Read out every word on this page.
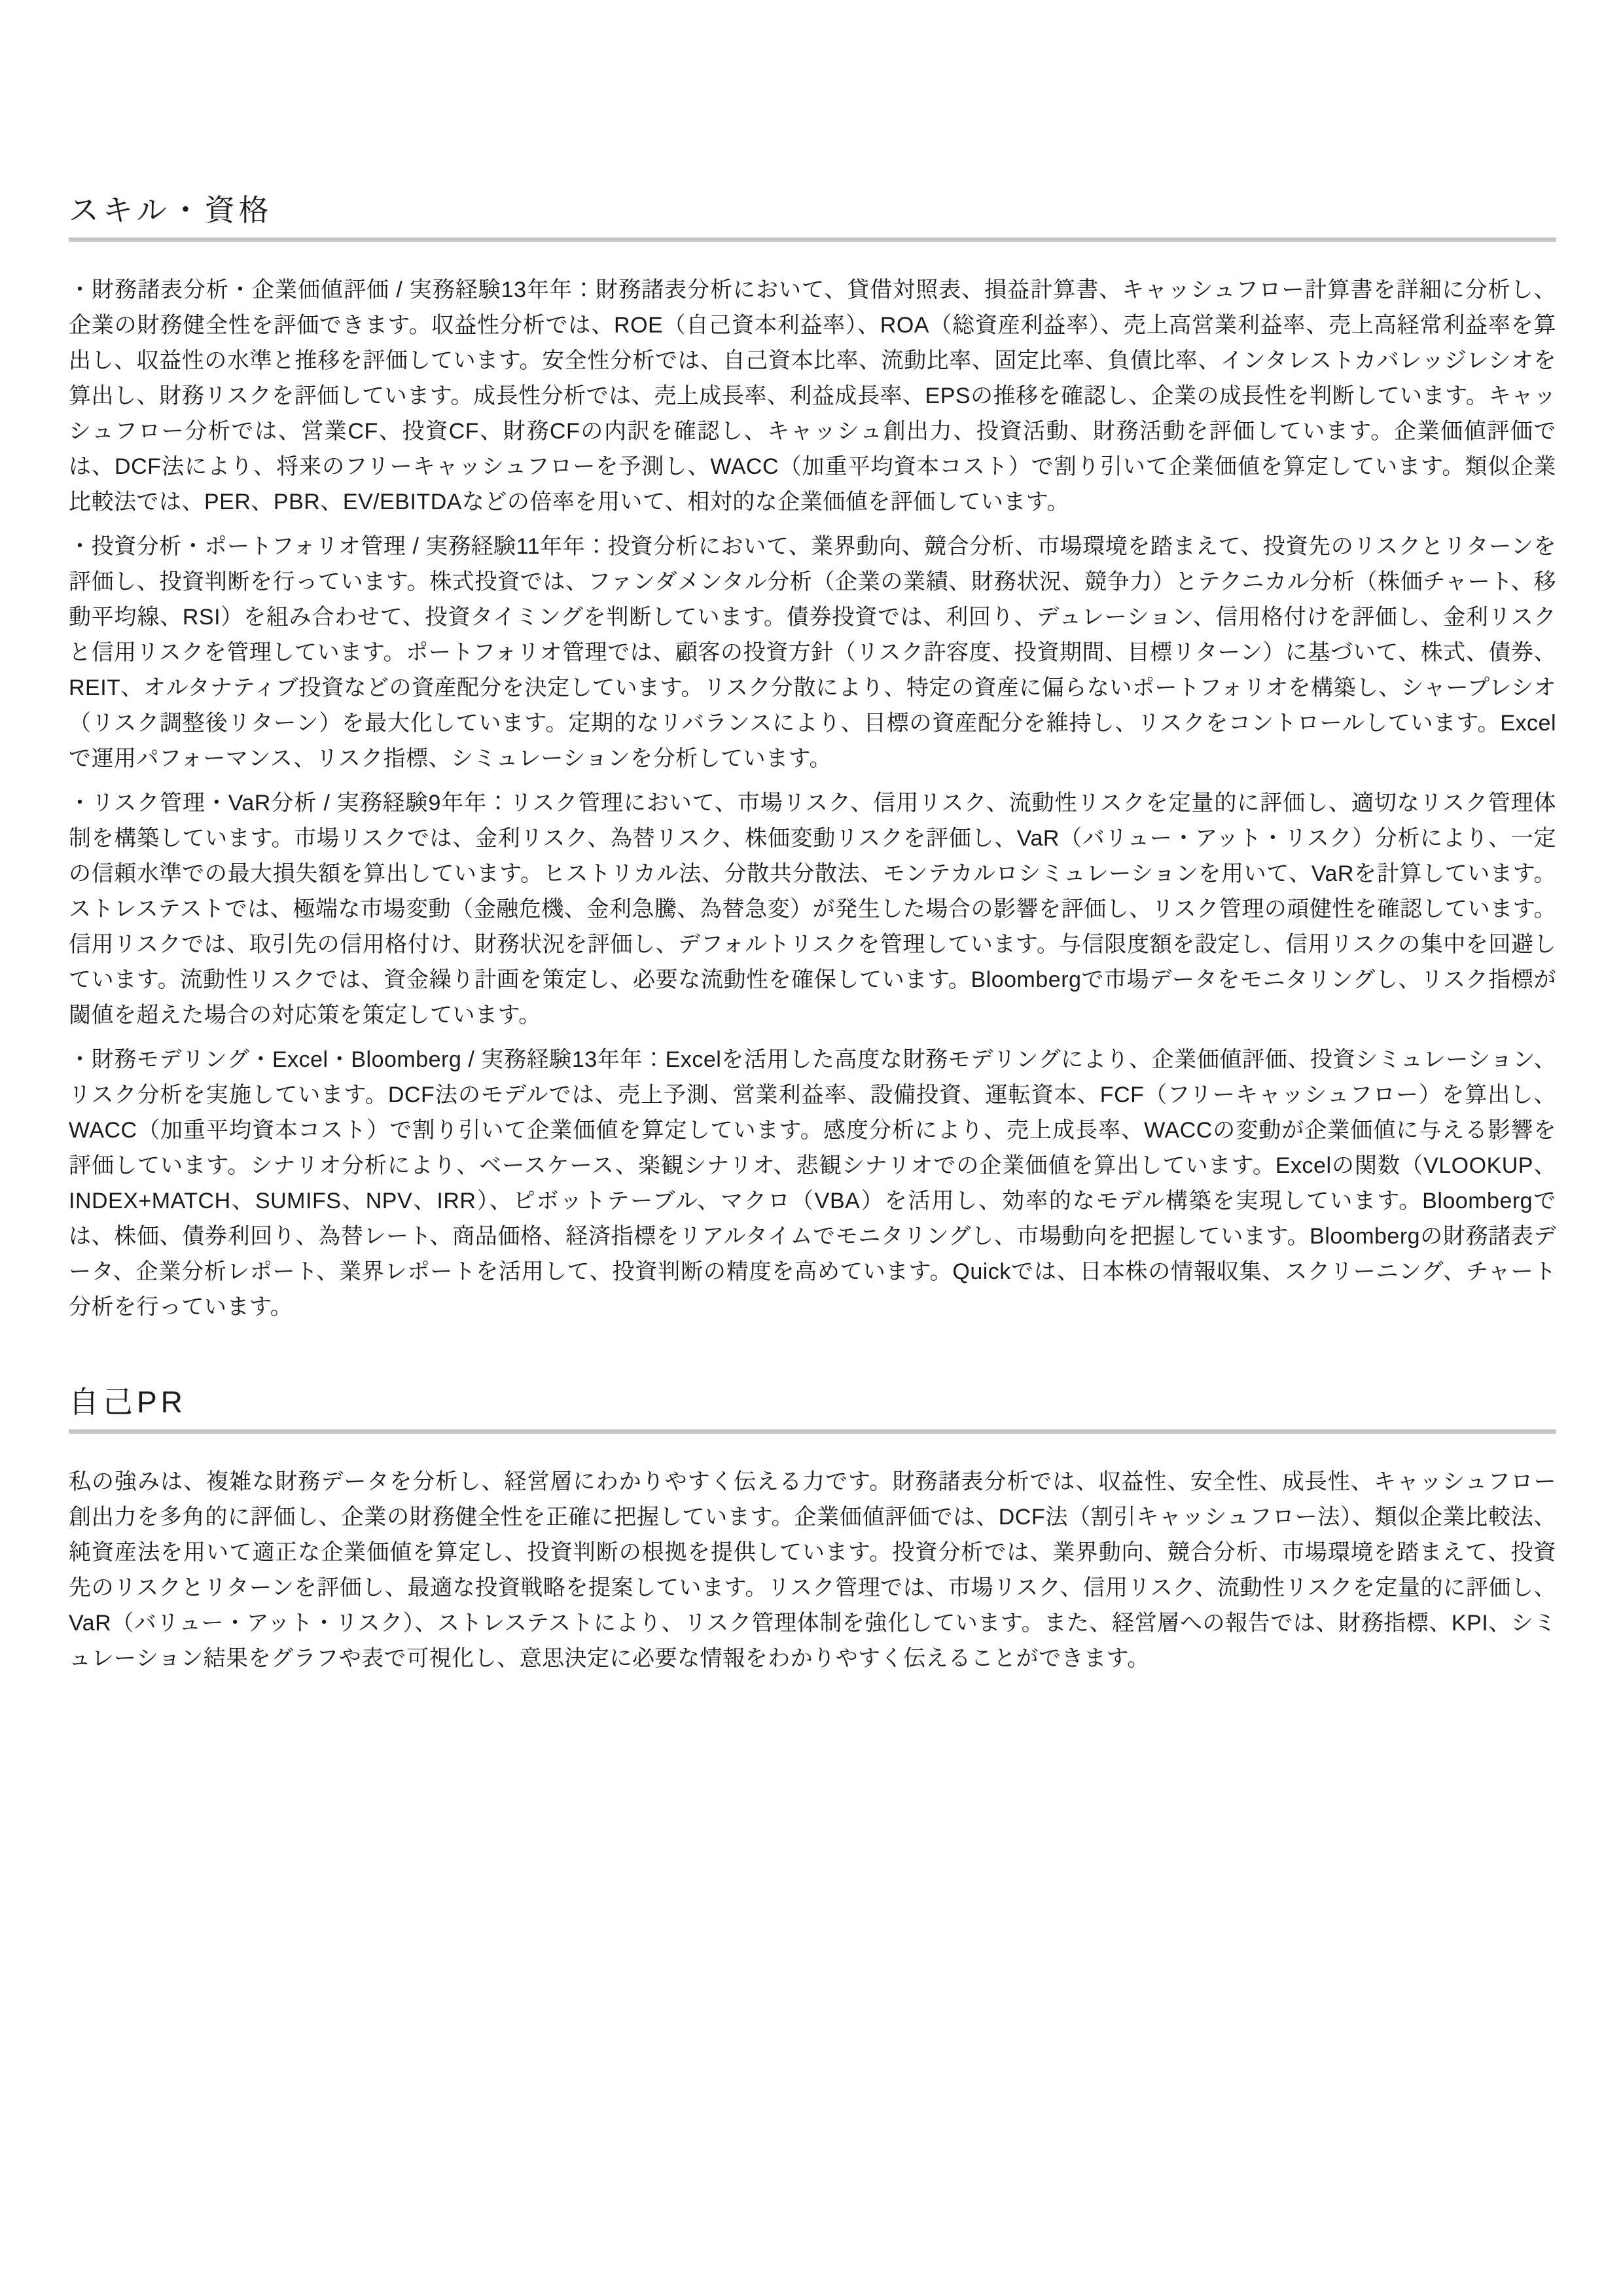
スキル・資格

・財務諸表分析・企業価値評価 / 実務経験13年年：財務諸表分析において、貸借対照表、損益計算書、キャッシュフロー計算書を詳細に分析し、企業の財務健全性を評価できます。収益性分析では、ROE（自己資本利益率）、ROA（総資産利益率）、売上高営業利益率、売上高経常利益率を算出し、収益性の水準と推移を評価しています。安全性分析では、自己資本比率、流動比率、固定比率、負債比率、インタレストカバレッジレシオを算出し、財務リスクを評価しています。成長性分析では、売上成長率、利益成長率、EPSの推移を確認し、企業の成長性を判断しています。キャッシュフロー分析では、営業CF、投資CF、財務CFの内訳を確認し、キャッシュ創出力、投資活動、財務活動を評価しています。企業価値評価では、DCF法により、将来のフリーキャッシュフローを予測し、WACC（加重平均資本コスト）で割り引いて企業価値を算定しています。類似企業比較法では、PER、PBR、EV/EBITDAなどの倍率を用いて、相対的な企業価値を評価しています。

・投資分析・ポートフォリオ管理 / 実務経験11年年：投資分析において、業界動向、競合分析、市場環境を踏まえて、投資先のリスクとリターンを評価し、投資判断を行っています。株式投資では、ファンダメンタル分析（企業の業績、財務状況、競争力）とテクニカル分析（株価チャート、移動平均線、RSI）を組み合わせて、投資タイミングを判断しています。債券投資では、利回り、デュレーション、信用格付けを評価し、金利リスクと信用リスクを管理しています。ポートフォリオ管理では、顧客の投資方針（リスク許容度、投資期間、目標リターン）に基づいて、株式、債券、REIT、オルタナティブ投資などの資産配分を決定しています。リスク分散により、特定の資産に偏らないポートフォリオを構築し、シャープレシオ（リスク調整後リターン）を最大化しています。定期的なリバランスにより、目標の資産配分を維持し、リスクをコントロールしています。Excelで運用パフォーマンス、リスク指標、シミュレーションを分析しています。

・リスク管理・VaR分析 / 実務経験9年年：リスク管理において、市場リスク、信用リスク、流動性リスクを定量的に評価し、適切なリスク管理体制を構築しています。市場リスクでは、金利リスク、為替リスク、株価変動リスクを評価し、VaR（バリュー・アット・リスク）分析により、一定の信頼水準での最大損失額を算出しています。ヒストリカル法、分散共分散法、モンテカルロシミュレーションを用いて、VaRを計算しています。ストレステストでは、極端な市場変動（金融危機、金利急騰、為替急変）が発生した場合の影響を評価し、リスク管理の頑健性を確認しています。信用リスクでは、取引先の信用格付け、財務状況を評価し、デフォルトリスクを管理しています。与信限度額を設定し、信用リスクの集中を回避しています。流動性リスクでは、資金繰り計画を策定し、必要な流動性を確保しています。Bloombergで市場データをモニタリングし、リスク指標が閾値を超えた場合の対応策を策定しています。

・財務モデリング・Excel・Bloomberg / 実務経験13年年：Excelを活用した高度な財務モデリングにより、企業価値評価、投資シミュレーション、リスク分析を実施しています。DCF法のモデルでは、売上予測、営業利益率、設備投資、運転資本、FCF（フリーキャッシュフロー）を算出し、WACC（加重平均資本コスト）で割り引いて企業価値を算定しています。感度分析により、売上成長率、WACCの変動が企業価値に与える影響を評価しています。シナリオ分析により、ベースケース、楽観シナリオ、悲観シナリオでの企業価値を算出しています。Excelの関数（VLOOKUP、INDEX+MATCH、SUMIFS、NPV、IRR）、ピボットテーブル、マクロ（VBA）を活用し、効率的なモデル構築を実現しています。Bloombergでは、株価、債券利回り、為替レート、商品価格、経済指標をリアルタイムでモニタリングし、市場動向を把握しています。Bloombergの財務諸表データ、企業分析レポート、業界レポートを活用して、投資判断の精度を高めています。Quickでは、日本株の情報収集、スクリーニング、チャート分析を行っています。

自己PR

私の強みは、複雑な財務データを分析し、経営層にわかりやすく伝える力です。財務諸表分析では、収益性、安全性、成長性、キャッシュフロー創出力を多角的に評価し、企業の財務健全性を正確に把握しています。企業価値評価では、DCF法（割引キャッシュフロー法）、類似企業比較法、純資産法を用いて適正な企業価値を算定し、投資判断の根拠を提供しています。投資分析では、業界動向、競合分析、市場環境を踏まえて、投資先のリスクとリターンを評価し、最適な投資戦略を提案しています。リスク管理では、市場リスク、信用リスク、流動性リスクを定量的に評価し、VaR（バリュー・アット・リスク）、ストレステストにより、リスク管理体制を強化しています。また、経営層への報告では、財務指標、KPI、シミュレーション結果をグラフや表で可視化し、意思決定に必要な情報をわかりやすく伝えることができます。
